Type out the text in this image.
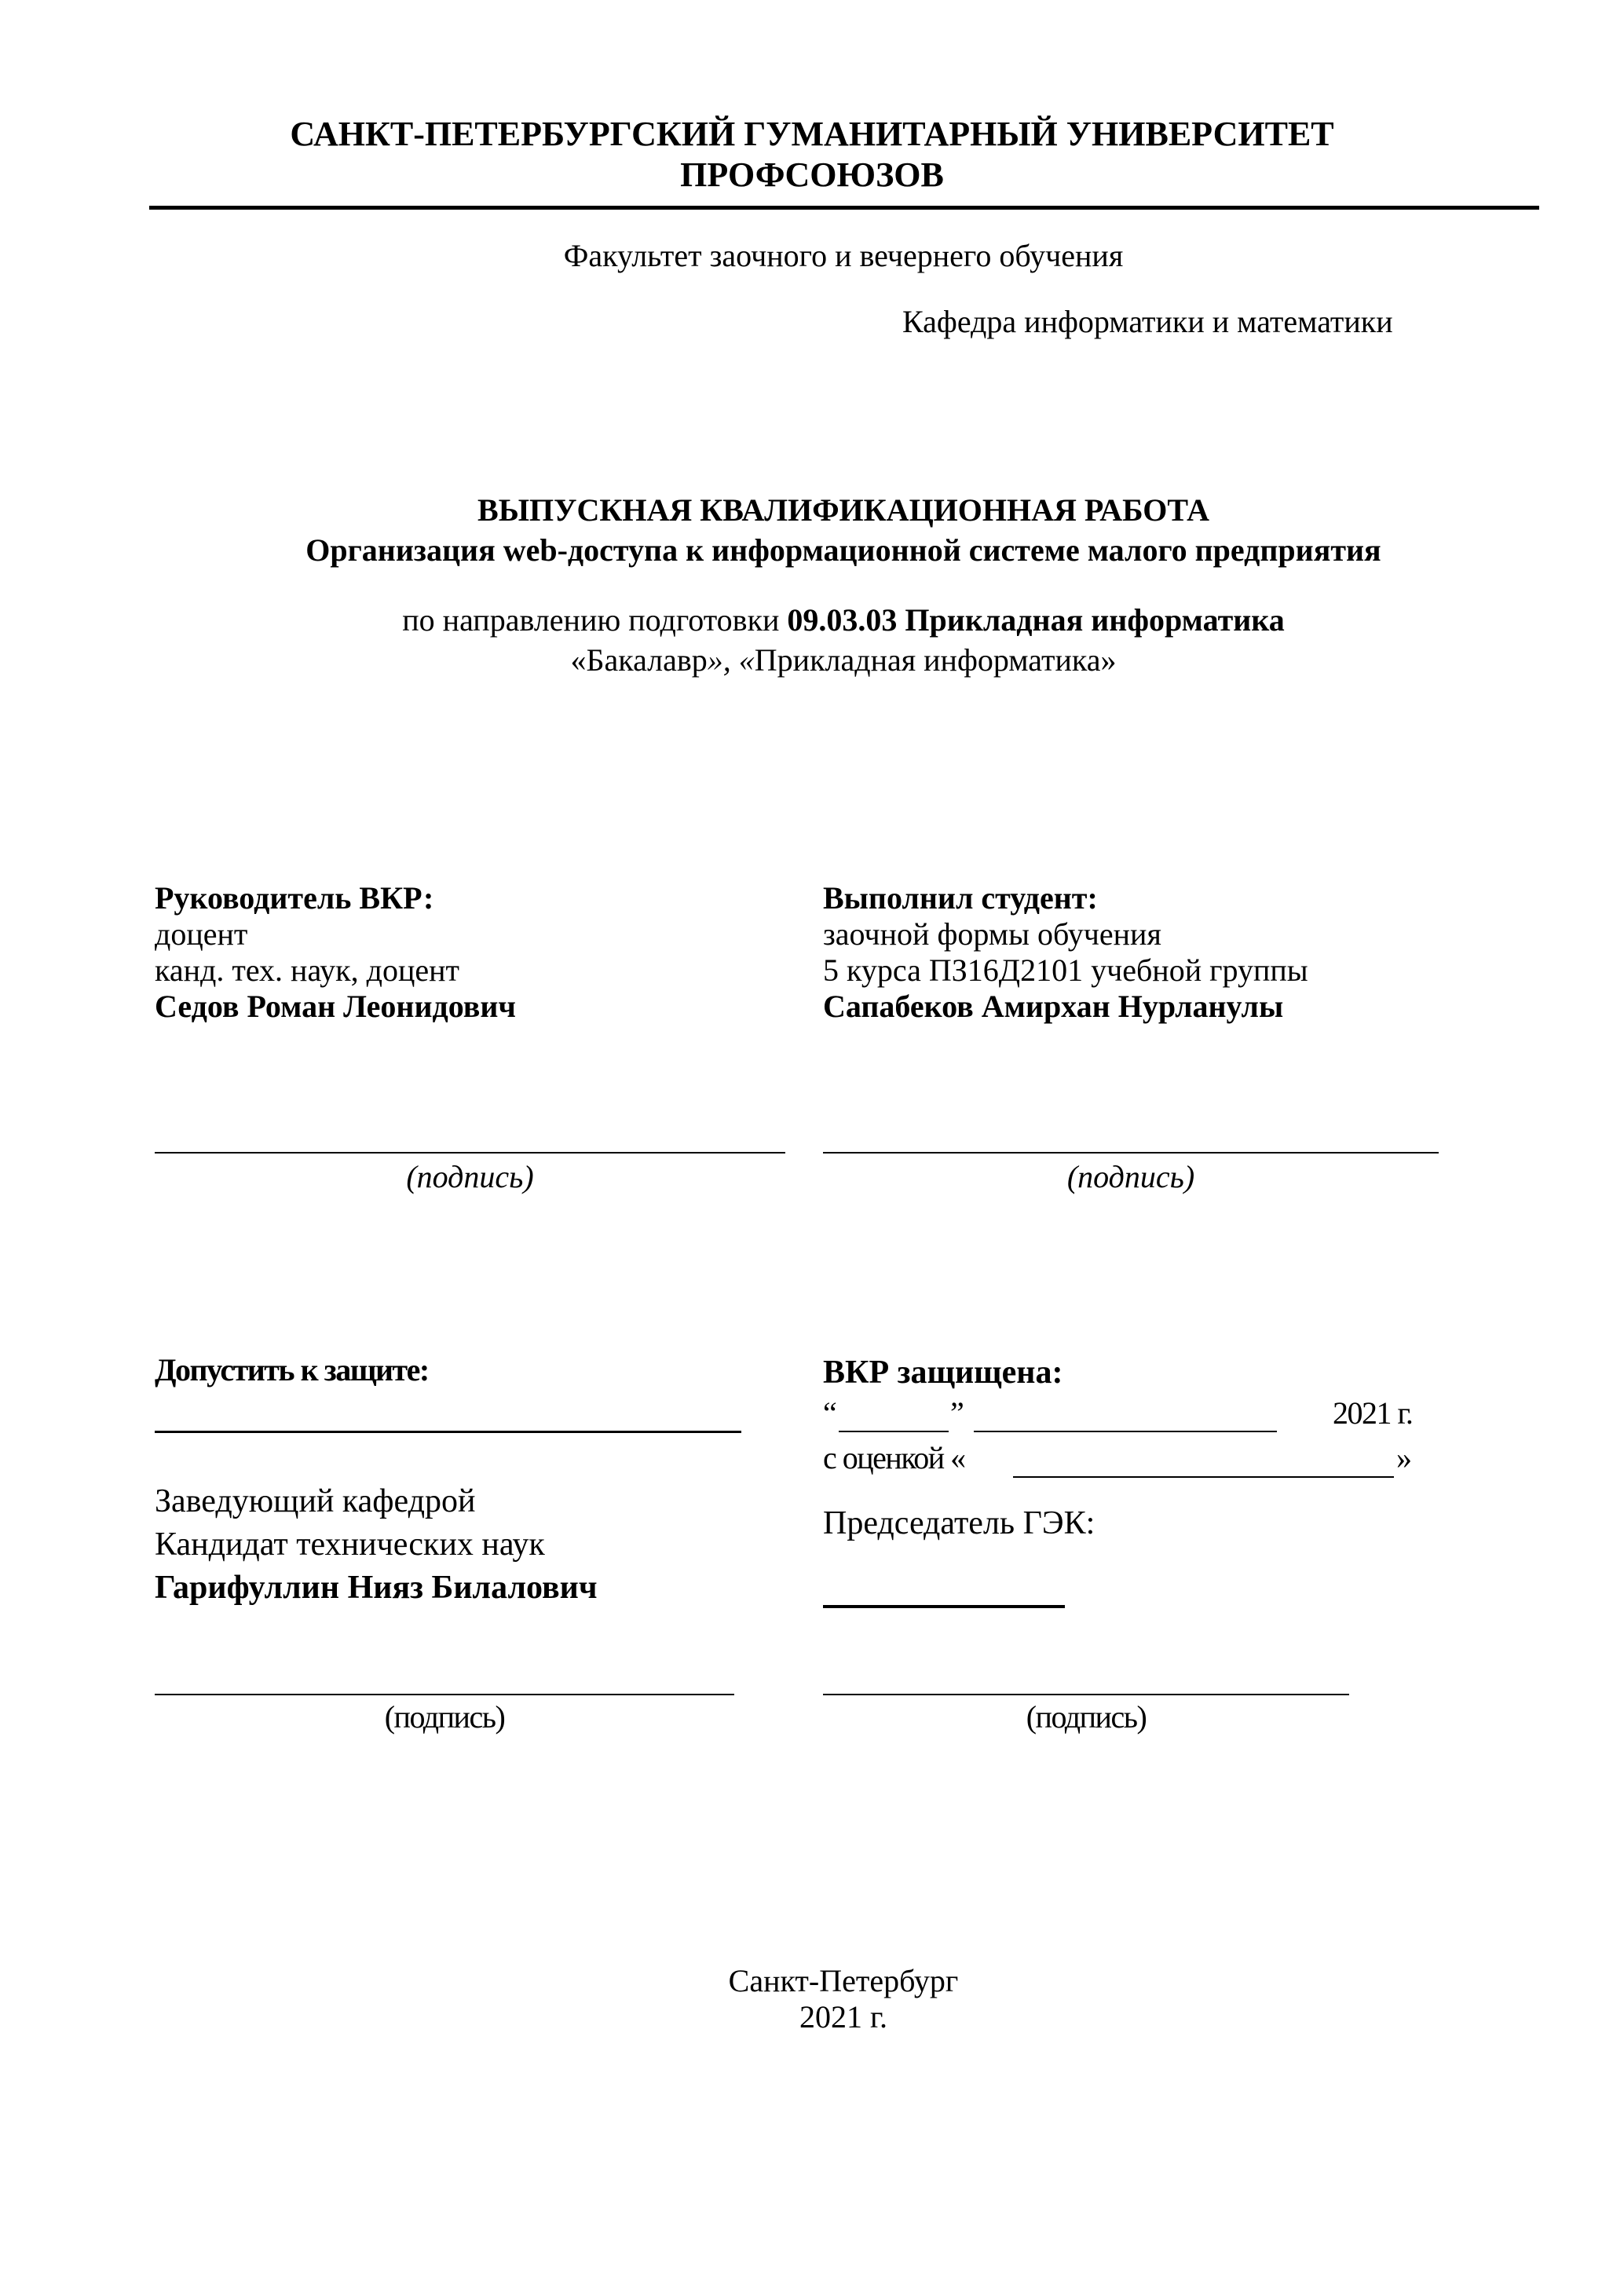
САНКТ-ПЕТЕРБУРГСКИЙ ГУМАНИТАРНЫЙ УНИВЕРСИТЕТ
ПРОФСОЮЗОВ
Факультет заочного и вечернего обучения
Кафедра информатики и математики
ВЫПУСКНАЯ КВАЛИФИКАЦИОННАЯ РАБОТА
Организация web-доступа к информационной системе малого предприятия
по направлению подготовки 09.03.03 Прикладная информатика
«Бакалавр», «Прикладная информатика»
Руководитель ВКР:
доцент
канд. тех. наук, доцент
Седов Роман Леонидович
Выполнил студент:
заочной формы обучения
5 курса ПЗ16Д2101 учебной группы
Сапабеков Амирхан Нурланулы
(подпись)	(подпись)
Допустить к защите:
Заведующий кафедрой
Кандидат технических наук
Гарифуллин Нияз Билалович
ВКР защищена:
“	”	2021 г.
с оценкой «	»
Председатель ГЭК:
(подпись)	(подпись)
Санкт-Петербург
2021 г.
